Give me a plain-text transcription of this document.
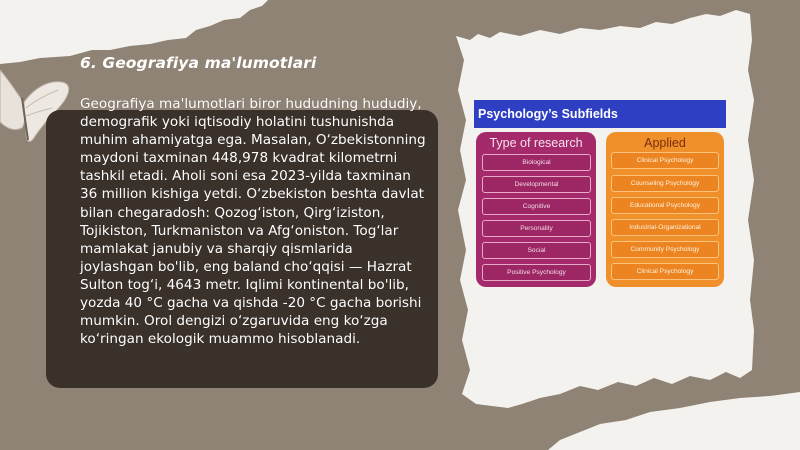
6. Geografiya ma'lumotlari

Geografiya ma'lumotlari biror hududning hududiy, demografik yoki iqtisodiy holatini tushunishda muhim ahamiyatga ega. Masalan, O‘zbekistonning maydoni taxminan 448,978 kvadrat kilometrni tashkil etadi. Aholi soni esa 2023-yilda taxminan 36 million kishiga yetdi. O‘zbekiston beshta davlat bilan chegaradosh: Qozog‘iston, Qirg‘iziston, Tojikiston, Turkmaniston va Afg‘oniston. Tog‘lar mamlakat janubiy va sharqiy qismlarida joylashgan bo'lib, eng baland cho‘qqisi — Hazrat Sulton tog‘i, 4643 metr. Iqlimi kontinental bo'lib, yozda 40 °C gacha va qishda -20 °C gacha borishi mumkin. Orol dengizi o‘zgaruvida eng ko‘zga ko‘ringan ekologik muammo hisoblanadi.

Psychology’s Subfields
Type of research
Biological
Developmental
Cognitive
Personality
Social
Positive Psychology
Applied
Clinical Psychology
Counseling Psychology
Educational Psychology
Industrial-Organizational
Community Psychology
Clinical Psychology
